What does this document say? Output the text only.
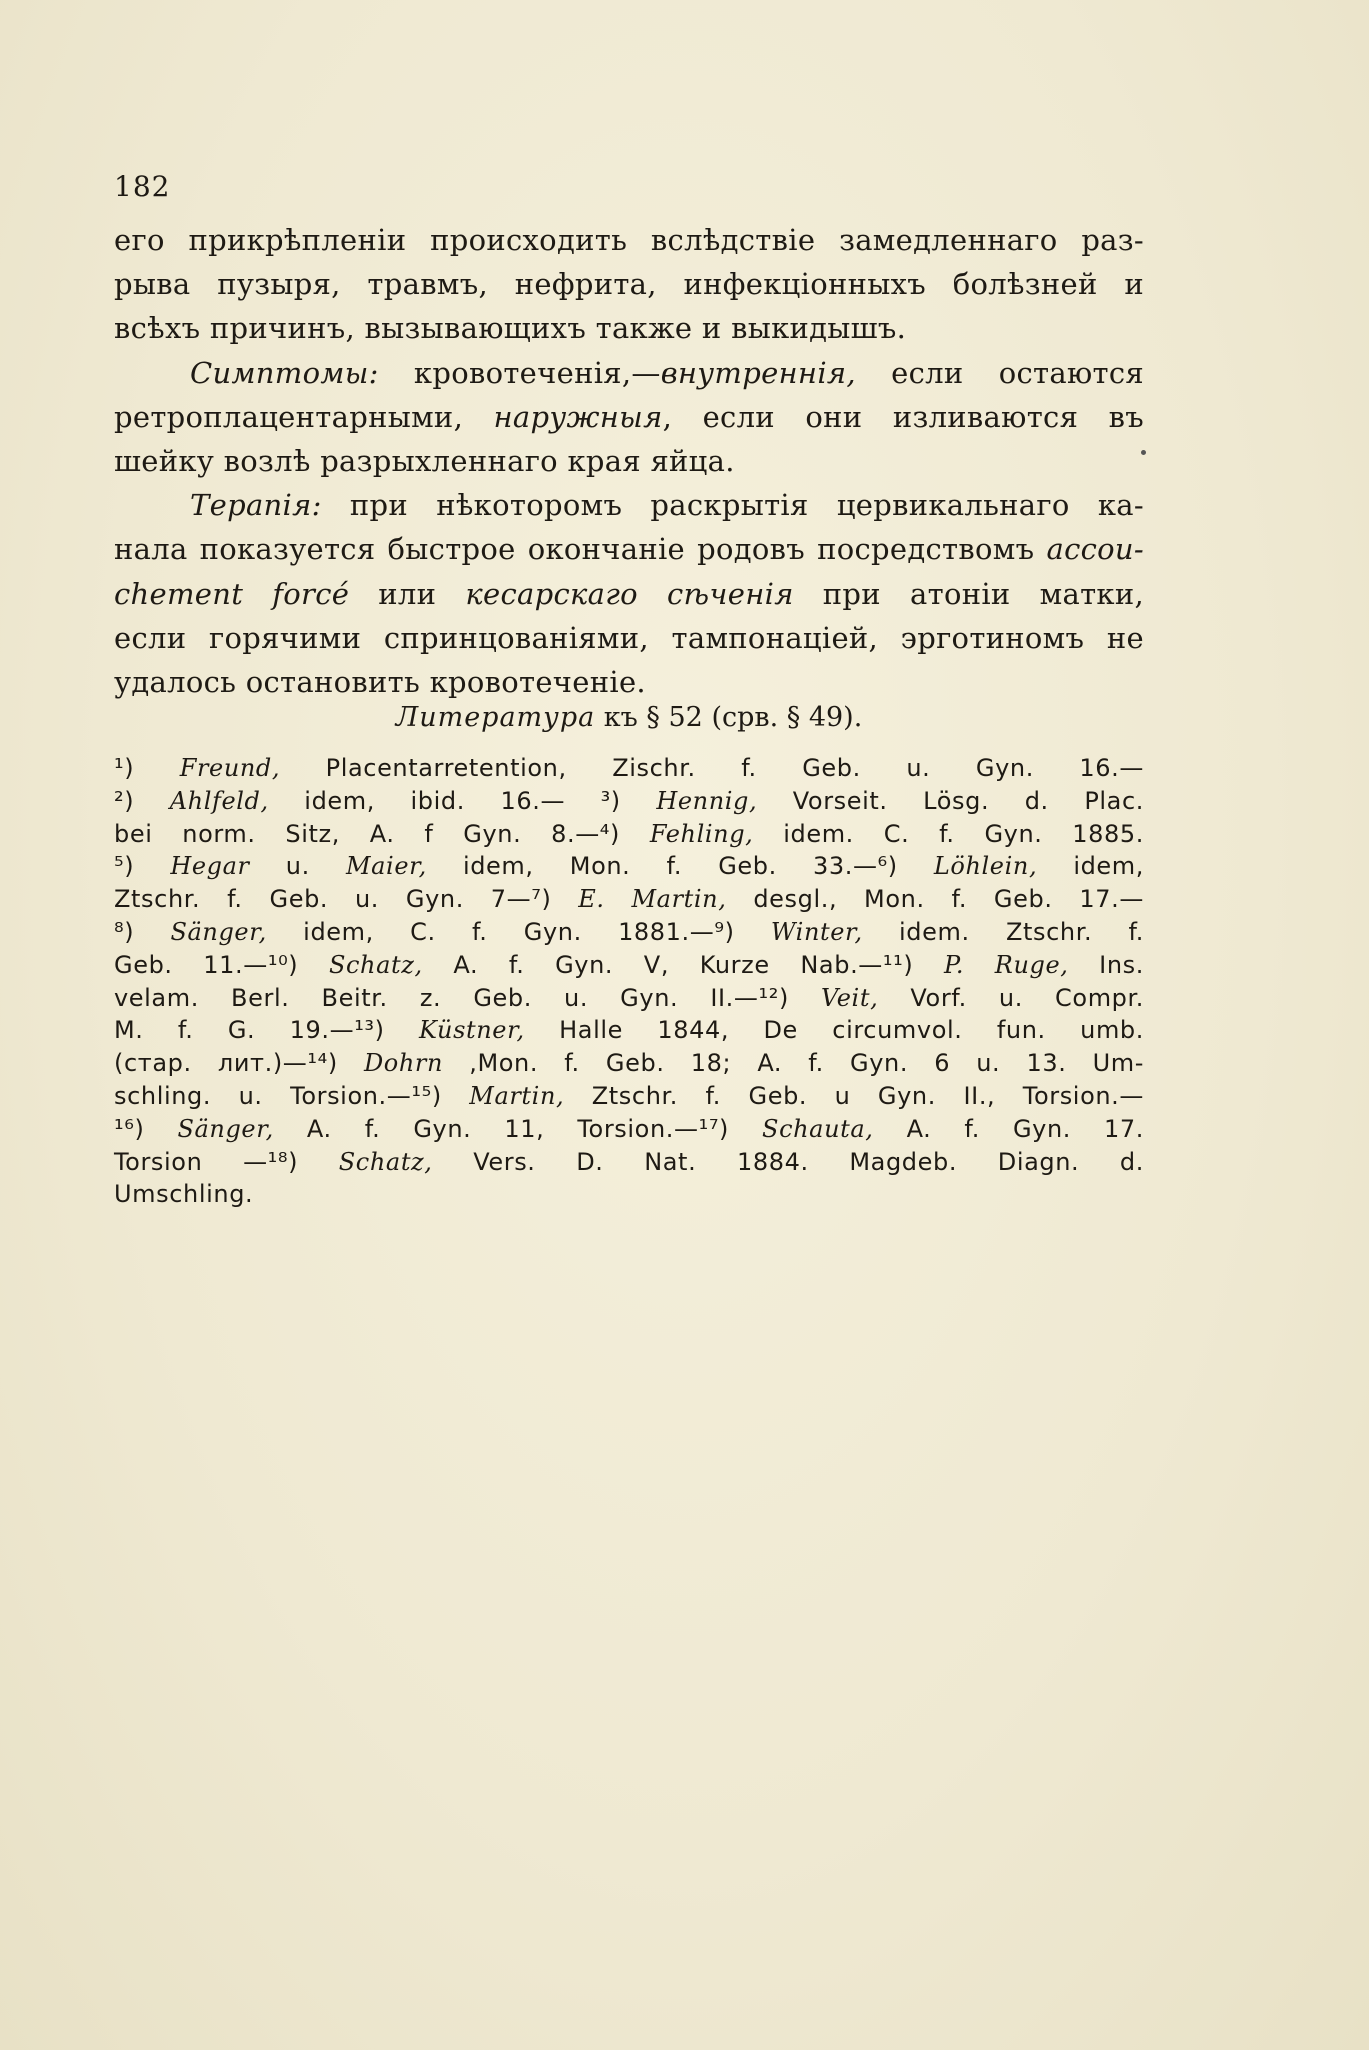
182
его прикрѣпленіи происходить вслѣдствіе замедленнаго раз-
рыва пузыря, травмъ, нефрита, инфекціонныхъ болѣзней и
всѣхъ причинъ, вызывающихъ также и выкидышъ.
Симптомы: кровотеченія,—внутреннія, если остаются
ретроплацентарными, наружныя, если они изливаются въ
шейку возлѣ разрыхленнаго края яйца.
Терапія: при нѣкоторомъ раскрытія цервикальнаго ка-
нала показуется быстрое окончаніе родовъ посредствомъ accou-
chement forcé или кесарскаго сѣченія при атоніи матки,
если горячими спринцованіями, тампонаціей, эрготиномъ не
удалось остановить кровотеченіе.
Литература къ § 52 (срв. § 49).
¹) Freund, Placentarretention, Zischr. f. Geb. u. Gyn. 16.—
²) Ahlfeld, idem, ibid. 16.— ³) Hennig, Vorseit. Lösg. d. Plac.
bei norm. Sitz, A. f Gyn. 8.—⁴) Fehling, idem. C. f. Gyn. 1885.
⁵) Hegar u. Maier, idem, Mon. f. Geb. 33.—⁶) Löhlein, idem,
Ztschr. f. Geb. u. Gyn. 7—⁷) E. Martin, desgl., Mon. f. Geb. 17.—
⁸) Sänger, idem, C. f. Gyn. 1881.—⁹) Winter, idem. Ztschr. f.
Geb. 11.—¹⁰) Schatz, A. f. Gyn. V, Kurze Nab.—¹¹) P. Ruge, Ins.
velam. Berl. Beitr. z. Geb. u. Gyn. II.—¹²) Veit, Vorf. u. Compr.
M. f. G. 19.—¹³) Küstner, Halle 1844, De circumvol. fun. umb.
(стар. лит.)—¹⁴) Dohrn ,Mon. f. Geb. 18; A. f. Gyn. 6 u. 13. Um-
schling. u. Torsion.—¹⁵) Martin, Ztschr. f. Geb. u Gyn. II., Torsion.—
¹⁶) Sänger, A. f. Gyn. 11, Torsion.—¹⁷) Schauta, A. f. Gyn. 17.
Torsion —¹⁸) Schatz, Vers. D. Nat. 1884. Magdeb. Diagn. d.
Umschling.
